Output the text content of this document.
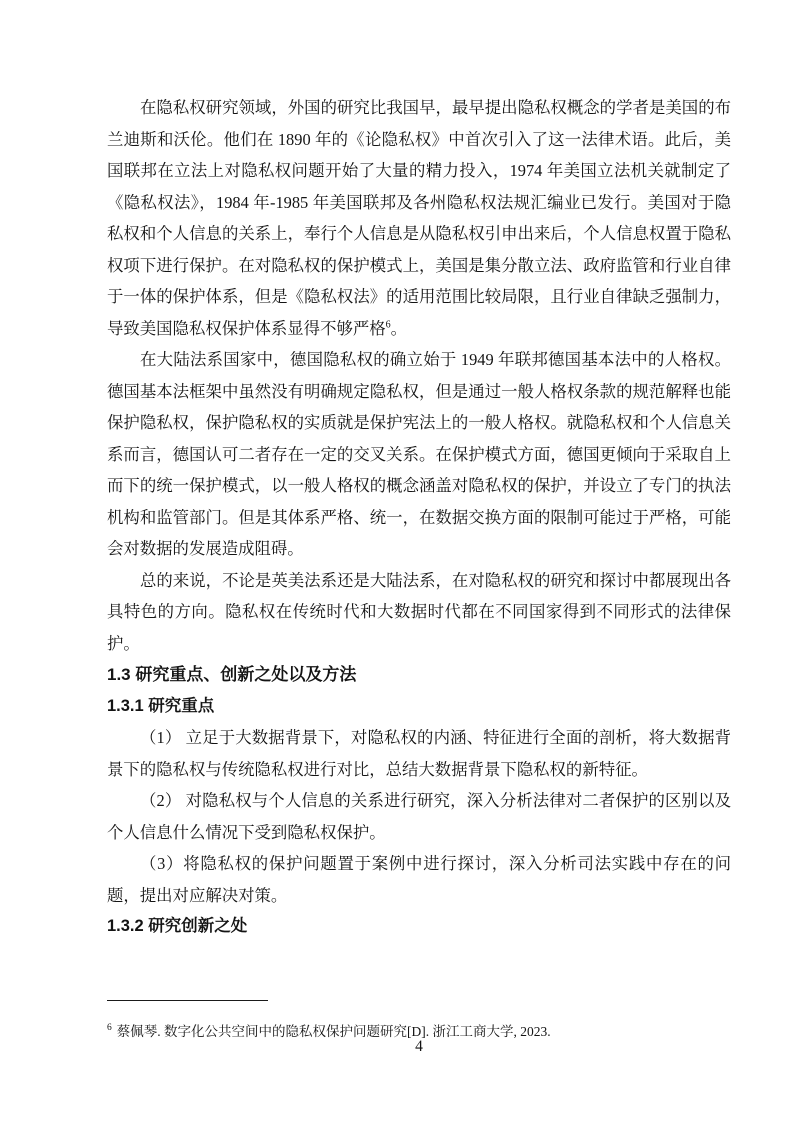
在隐私权研究领域，外国的研究比我国早，最早提出隐私权概念的学者是美国的布兰迪斯和沃伦。他们在 1890 年的《论隐私权》中首次引入了这一法律术语。此后，美国联邦在立法上对隐私权问题开始了大量的精力投入，1974 年美国立法机关就制定了《隐私权法》，1984 年-1985 年美国联邦及各州隐私权法规汇编业已发行。美国对于隐私权和个人信息的关系上，奉行个人信息是从隐私权引申出来后，个人信息权置于隐私权项下进行保护。在对隐私权的保护模式上，美国是集分散立法、政府监管和行业自律于一体的保护体系，但是《隐私权法》的适用范围比较局限，且行业自律缺乏强制力，导致美国隐私权保护体系显得不够严格$^6$。

在大陆法系国家中，德国隐私权的确立始于 1949 年联邦德国基本法中的人格权。德国基本法框架中虽然没有明确规定隐私权，但是通过一般人格权条款的规范解释也能保护隐私权，保护隐私权的实质就是保护宪法上的一般人格权。就隐私权和个人信息关系而言，德国认可二者存在一定的交叉关系。在保护模式方面，德国更倾向于采取自上而下的统一保护模式，以一般人格权的概念涵盖对隐私权的保护，并设立了专门的执法机构和监管部门。但是其体系严格、统一，在数据交换方面的限制可能过于严格，可能会对数据的发展造成阻碍。

总的来说，不论是英美法系还是大陆法系，在对隐私权的研究和探讨中都展现出各具特色的方向。隐私权在传统时代和大数据时代都在不同国家得到不同形式的法律保护。

1.3 研究重点、创新之处以及方法
1.3.1 研究重点

（1） 立足于大数据背景下，对隐私权的内涵、特征进行全面的剖析，将大数据背景下的隐私权与传统隐私权进行对比，总结大数据背景下隐私权的新特征。

（2） 对隐私权与个人信息的关系进行研究，深入分析法律对二者保护的区别以及个人信息什么情况下受到隐私权保护。

（3）将隐私权的保护问题置于案例中进行探讨，深入分析司法实践中存在的问题，提出对应解决对策。

1.3.2 研究创新之处

$^6$ 蔡佩琴. 数字化公共空间中的隐私权保护问题研究[D]. 浙江工商大学, 2023.

4
